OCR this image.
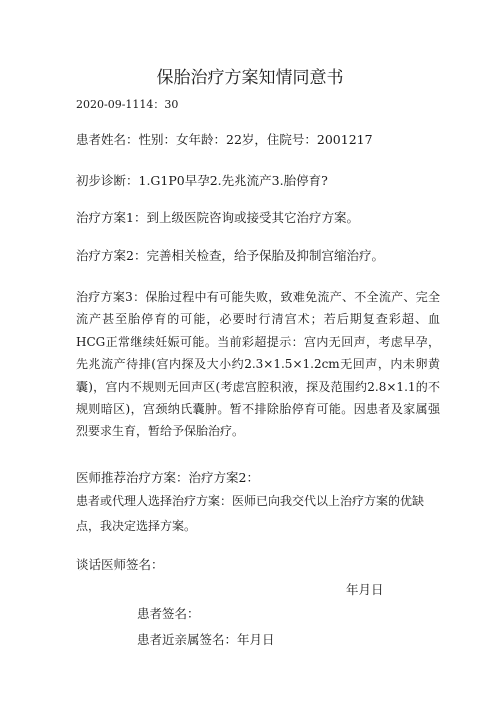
保胎治疗方案知情同意书
2020-09-1114：30
患者姓名：性别：女年龄：22岁，住院号：2001217
初步诊断：1.G1P0早孕2.先兆流产3.胎停育?
治疗方案1：到上级医院咨询或接受其它治疗方案。
治疗方案2：完善相关检查，给予保胎及抑制宫缩治疗。
治疗方案3：保胎过程中有可能失败，致难免流产、不全流产、完全流产甚至胎停育的可能，必要时行清宫术；若后期复查彩超、血HCG正常继续妊娠可能。当前彩超提示：宫内无回声，考虑早孕，先兆流产待排(宫内探及大小约2.3×1.5×1.2cm无回声，内未卵黄囊)，宫内不规则无回声区(考虑宫腔积液，探及范围约2.8×1.1的不规则暗区)，宫颈纳氏囊肿。暂不排除胎停育可能。因患者及家属强烈要求生育，暂给予保胎治疗。
医师推荐治疗方案：治疗方案2：
患者或代理人选择治疗方案：医师已向我交代以上治疗方案的优缺点，我决定选择方案。
谈话医师签名：
年月日
患者签名：
患者近亲属签名：年月日
